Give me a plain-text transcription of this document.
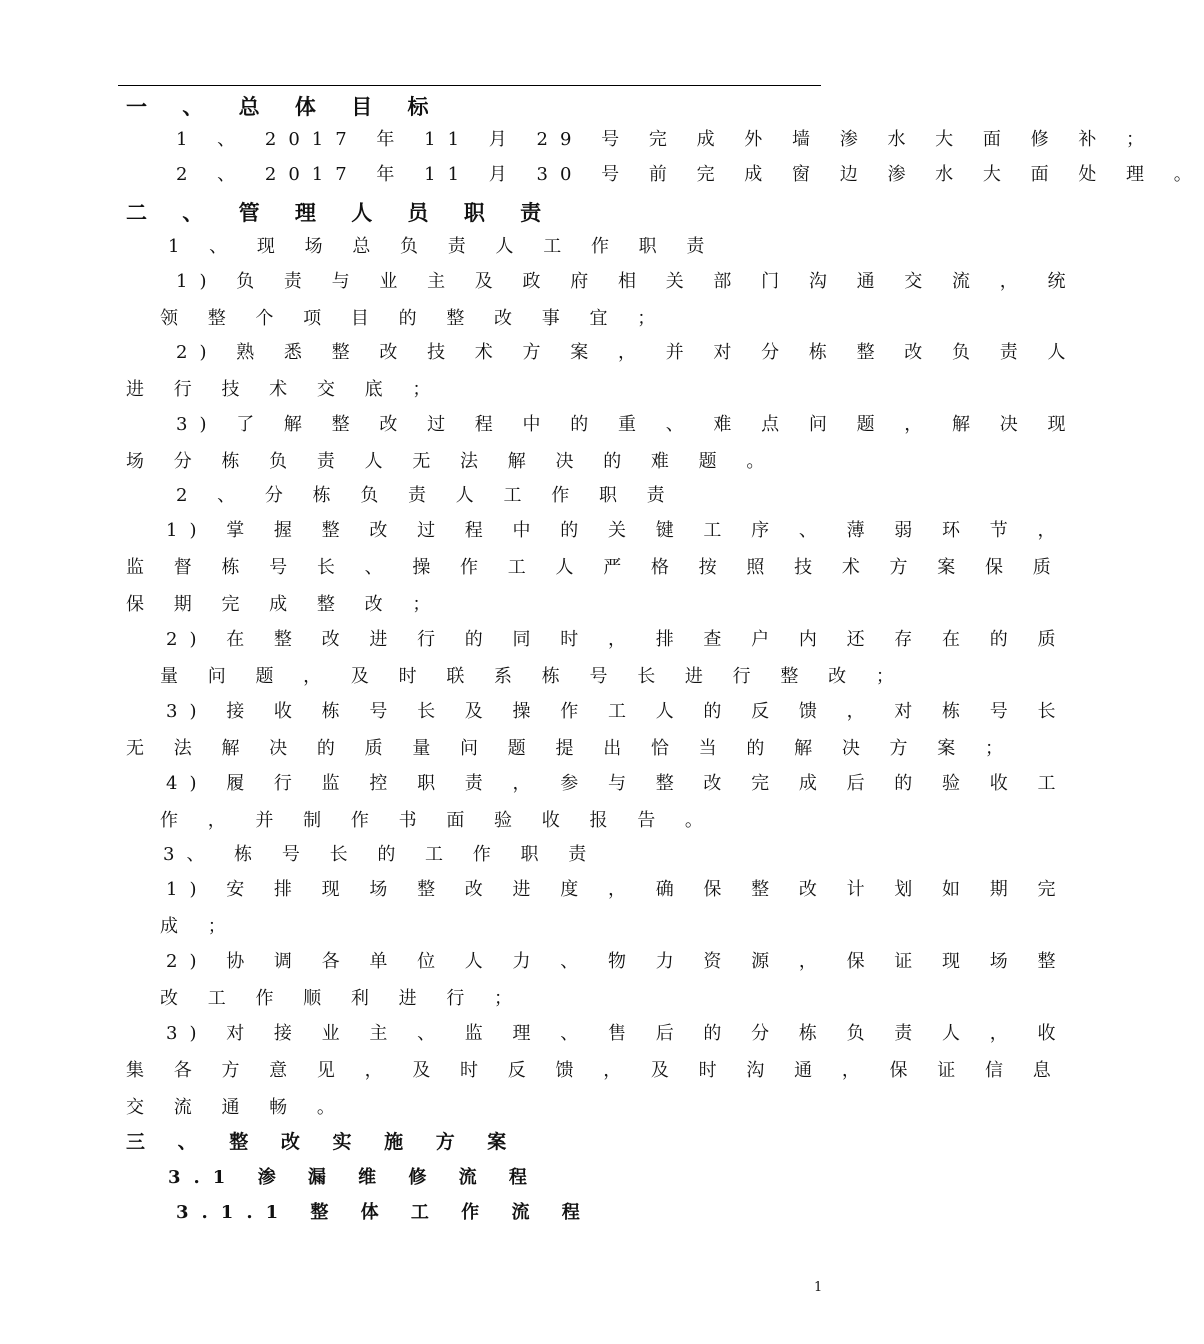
一 、 总 体 目 标
1 、 2017 年 11 月 29 号 完 成 外 墙 渗 水 大 面 修 补 ；
2 、 2017 年 11 月 30 号 前 完 成 窗 边 渗 水 大 面 处 理 。
二 、 管 理 人 员 职 责
1 、 现 场 总 负 责 人 工 作 职 责
1) 负 责 与 业 主 及 政 府 相 关 部 门 沟 通 交 流 ， 统
领 整 个 项 目 的 整 改 事 宜 ；
2) 熟 悉 整 改 技 术 方 案 ， 并 对 分 栋 整 改 负 责 人
进 行 技 术 交 底 ；
3) 了 解 整 改 过 程 中 的 重 、 难 点 问 题 ， 解 决 现
场 分 栋 负 责 人 无 法 解 决 的 难 题 。
2 、 分 栋 负 责 人 工 作 职 责
1) 掌 握 整 改 过 程 中 的 关 键 工 序 、 薄 弱 环 节 ，
监 督 栋 号 长 、 操 作 工 人 严 格 按 照 技 术 方 案 保 质
保 期 完 成 整 改 ；
2) 在 整 改 进 行 的 同 时 ， 排 查 户 内 还 存 在 的 质
量 问 题 ， 及 时 联 系 栋 号 长 进 行 整 改 ；
3) 接 收 栋 号 长 及 操 作 工 人 的 反 馈 ， 对 栋 号 长
无 法 解 决 的 质 量 问 题 提 出 恰 当 的 解 决 方 案 ；
4) 履 行 监 控 职 责 ， 参 与 整 改 完 成 后 的 验 收 工
作 ， 并 制 作 书 面 验 收 报 告 。
3、 栋 号 长 的 工 作 职 责
1) 安 排 现 场 整 改 进 度 ， 确 保 整 改 计 划 如 期 完
成 ；
2) 协 调 各 单 位 人 力 、 物 力 资 源 ， 保 证 现 场 整
改 工 作 顺 利 进 行 ；
3) 对 接 业 主 、 监 理 、 售 后 的 分 栋 负 责 人 ， 收
集 各 方 意 见 ， 及 时 反 馈 ， 及 时 沟 通 ， 保 证 信 息
交 流 通 畅 。
三 、 整 改 实 施 方 案
3.1 渗 漏 维 修 流 程
3.1.1 整 体 工 作 流 程
1
